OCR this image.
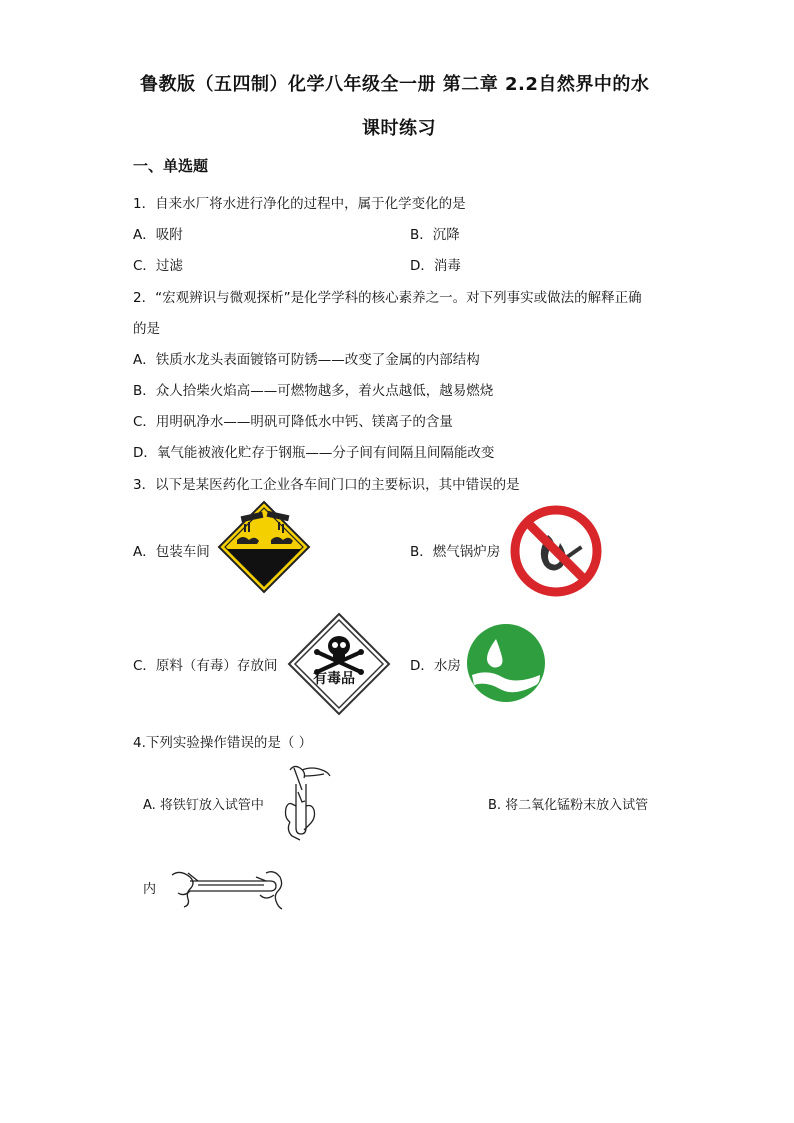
鲁教版（五四制）化学八年级全一册 第二章 2.2自然界中的水
课时练习
一、单选题
1．自来水厂将水进行净化的过程中，属于化学变化的是
A．吸附	B．沉降
C．过滤	D．消毒
2．“宏观辨识与微观探析”是化学学科的核心素养之一。对下列事实或做法的解释正确
的是
A．铁质水龙头表面镀铬可防锈——改变了金属的内部结构
B．众人拾柴火焰高——可燃物越多，着火点越低，越易燃烧
C．用明矾净水——明矾可降低水中钙、镁离子的含量
D．氧气能被液化贮存于钢瓶——分子间有间隔且间隔能改变
3．以下是某医药化工企业各车间门口的主要标识，其中错误的是
A．包装车间	B．燃气锅炉房
C．原料（有毒）存放间	D．水房
有毒品
4.下列实验操作错误的是（ ）
A. 将铁钉放入试管中	B. 将二氧化锰粉末放入试管
内
